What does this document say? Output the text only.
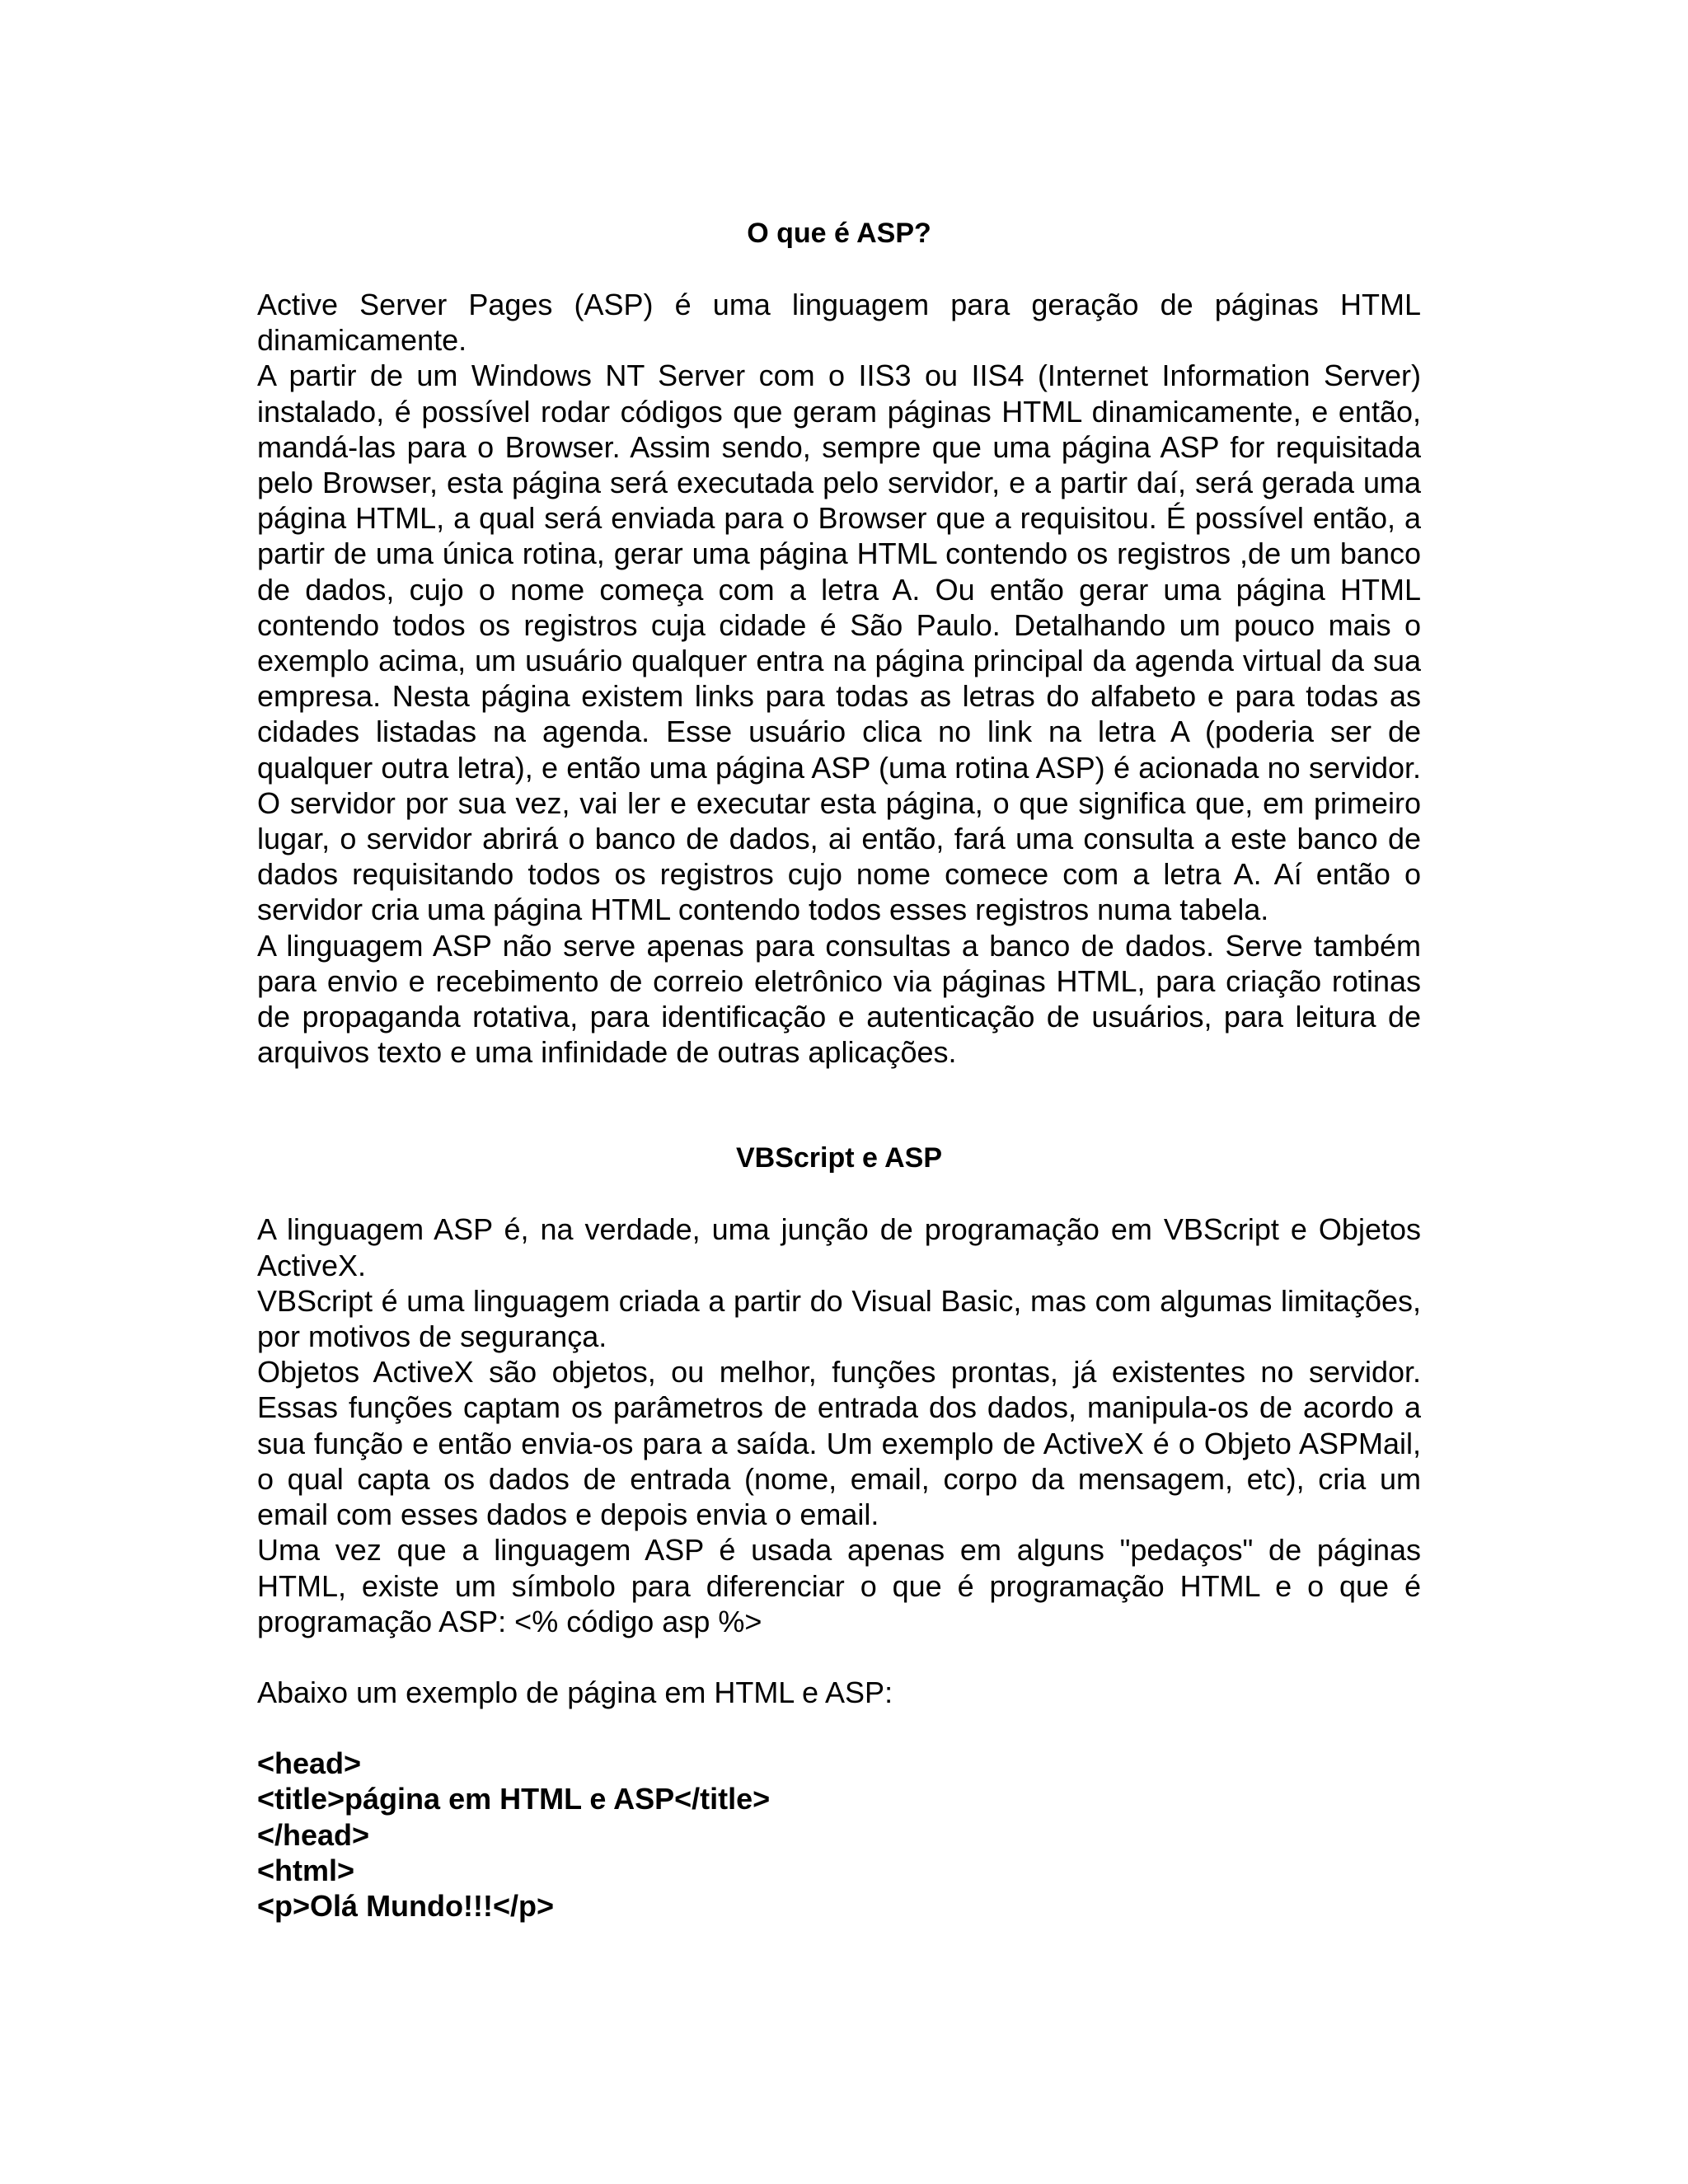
O que é ASP?

Active Server Pages (ASP) é uma linguagem para geração de páginas HTML dinamicamente.

A partir de um Windows NT Server com o IIS3 ou IIS4 (Internet Information Server) instalado, é possível rodar códigos que geram páginas HTML dinamicamente, e então, mandá-las para o Browser. Assim sendo, sempre que uma página ASP for requisitada pelo Browser, esta página será executada pelo servidor, e a partir daí, será gerada uma página HTML, a qual será enviada para o Browser que a requisitou. É possível então, a partir de uma única rotina, gerar uma página HTML contendo os registros ,de um banco de dados, cujo o nome começa com a letra A. Ou então gerar uma página HTML contendo todos os registros cuja cidade é São Paulo. Detalhando um pouco mais o exemplo acima, um usuário qualquer entra na página principal da agenda virtual da sua empresa. Nesta página existem links para todas as letras do alfabeto e para todas as cidades listadas na agenda. Esse usuário clica no link na letra A (poderia ser de qualquer outra letra), e então uma página ASP (uma rotina ASP) é acionada no servidor. O servidor por sua vez, vai ler e executar esta página, o que significa que, em primeiro lugar, o servidor abrirá o banco de dados, ai então, fará uma consulta a este banco de dados requisitando todos os registros cujo nome comece com a letra A. Aí então o servidor cria uma página HTML contendo todos esses registros numa tabela.

A linguagem ASP não serve apenas para consultas a banco de dados. Serve também para envio e recebimento de correio eletrônico via páginas HTML, para criação rotinas de propaganda rotativa, para identificação e autenticação de usuários, para leitura de arquivos texto e uma infinidade de outras aplicações.

VBScript e ASP

A linguagem ASP é, na verdade, uma junção de programação em VBScript e Objetos ActiveX.

VBScript é uma linguagem criada a partir do Visual Basic, mas com algumas limitações, por motivos de segurança.

Objetos ActiveX são objetos, ou melhor, funções prontas, já existentes no servidor. Essas funções captam os parâmetros de entrada dos dados, manipula-os de acordo a sua função e então envia-os para a saída. Um exemplo de ActiveX é o Objeto ASPMail, o qual capta os dados de entrada (nome, email, corpo da mensagem, etc), cria um email com esses dados e depois envia o email.

Uma vez que a linguagem ASP é usada apenas em alguns "pedaços" de páginas HTML, existe um símbolo para diferenciar o que é programação HTML e o que é programação ASP: <% código asp %>

Abaixo um exemplo de página em HTML e ASP:

<head>

<title>página em HTML e ASP</title>

</head>

<html>

<p>Olá Mundo!!!</p>
